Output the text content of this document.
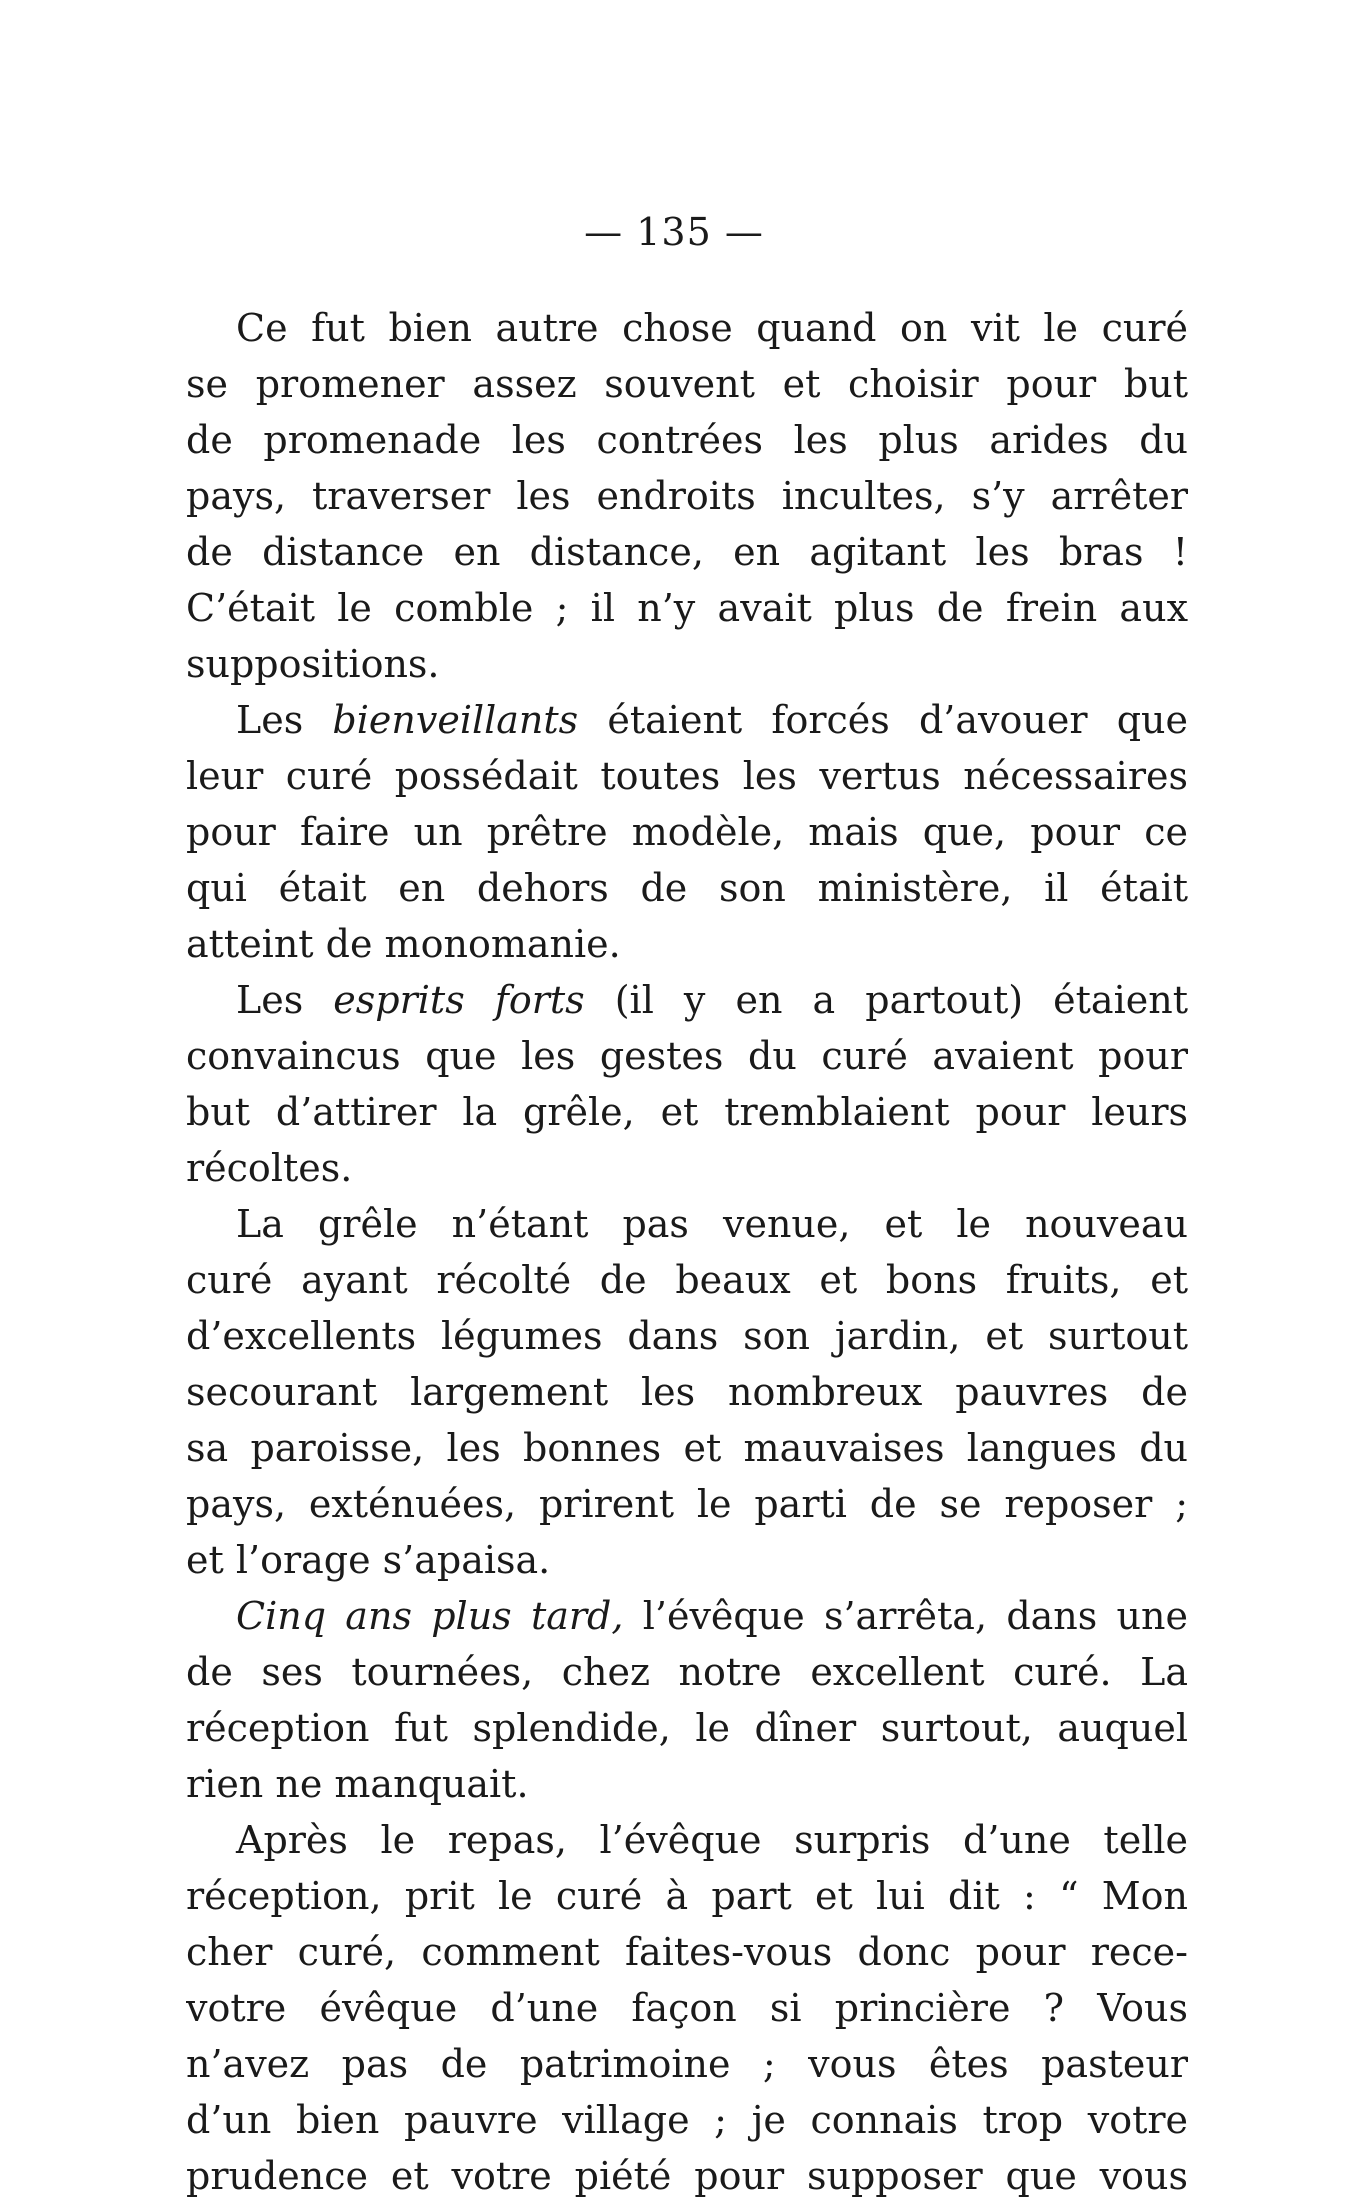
— 135 —
Ce fut bien autre chose quand on vit le curé
se promener assez souvent et choisir pour but
de promenade les contrées les plus arides du
pays, traverser les endroits incultes, s’y arrêter
de distance en distance, en agitant les bras !
C’était le comble ; il n’y avait plus de frein aux
suppositions.
Les bienveillants étaient forcés d’avouer que
leur curé possédait toutes les vertus nécessaires
pour faire un prêtre modèle, mais que, pour ce
qui était en dehors de son ministère, il était
atteint de monomanie.
Les esprits forts (il y en a partout) étaient
convaincus que les gestes du curé avaient pour
but d’attirer la grêle, et tremblaient pour leurs
récoltes.
La grêle n’étant pas venue, et le nouveau
curé ayant récolté de beaux et bons fruits, et
d’excellents légumes dans son jardin, et surtout
secourant largement les nombreux pauvres de
sa paroisse, les bonnes et mauvaises langues du
pays, exténuées, prirent le parti de se reposer ;
et l’orage s’apaisa.
Cinq ans plus tard, l’évêque s’arrêta, dans une
de ses tournées, chez notre excellent curé. La
réception fut splendide, le dîner surtout, auquel
rien ne manquait.
Après le repas, l’évêque surpris d’une telle
réception, prit le curé à part et lui dit : “ Mon
cher curé, comment faites-vous donc pour rece-
votre évêque d’une façon si princière ? Vous
n’avez pas de patrimoine ; vous êtes pasteur
d’un bien pauvre village ; je connais trop votre
prudence et votre piété pour supposer que vous
